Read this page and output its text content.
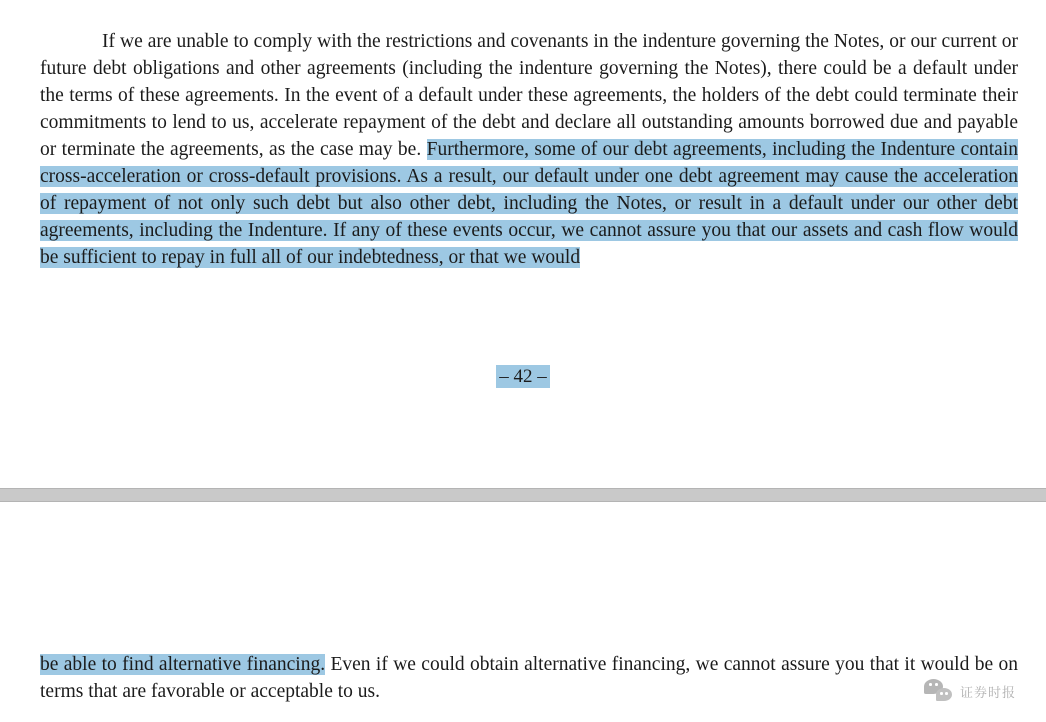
If we are unable to comply with the restrictions and covenants in the indenture governing the Notes, or our current or future debt obligations and other agreements (including the indenture governing the Notes), there could be a default under the terms of these agreements. In the event of a default under these agreements, the holders of the debt could terminate their commitments to lend to us, accelerate repayment of the debt and declare all outstanding amounts borrowed due and payable or terminate the agreements, as the case may be. Furthermore, some of our debt agreements, including the Indenture contain cross-acceleration or cross-default provisions. As a result, our default under one debt agreement may cause the acceleration of repayment of not only such debt but also other debt, including the Notes, or result in a default under our other debt agreements, including the Indenture. If any of these events occur, we cannot assure you that our assets and cash flow would be sufficient to repay in full all of our indebtedness, or that we would

– 42 –

be able to find alternative financing. Even if we could obtain alternative financing, we cannot assure you that it would be on terms that are favorable or acceptable to us.	证券时报
